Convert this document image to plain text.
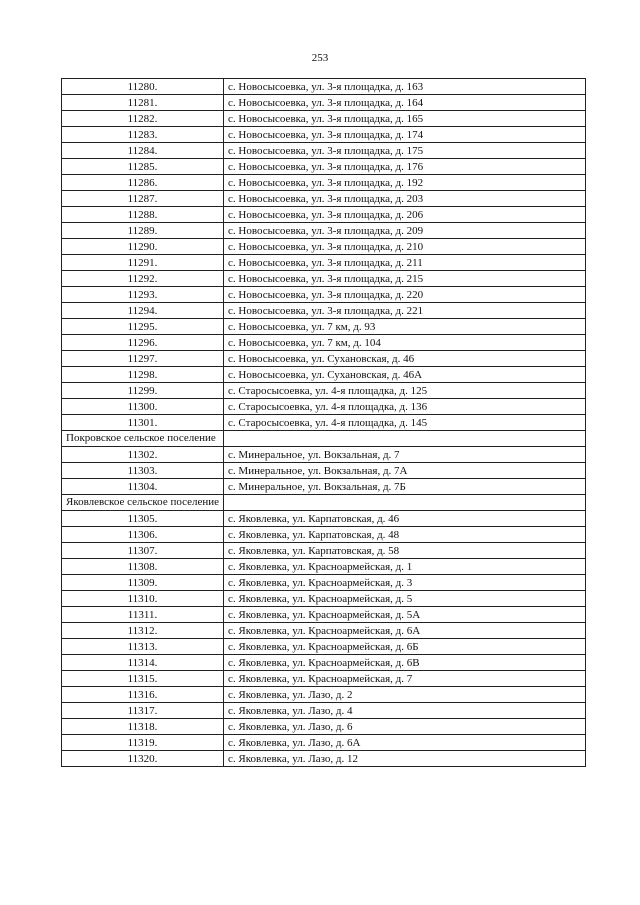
253
11280.	с. Новосысоевка, ул. 3-я площадка, д. 163
11281.	с. Новосысоевка, ул. 3-я площадка, д. 164
11282.	с. Новосысоевка, ул. 3-я площадка, д. 165
11283.	с. Новосысоевка, ул. 3-я площадка, д. 174
11284.	с. Новосысоевка, ул. 3-я площадка, д. 175
11285.	с. Новосысоевка, ул. 3-я площадка, д. 176
11286.	с. Новосысоевка, ул. 3-я площадка, д. 192
11287.	с. Новосысоевка, ул. 3-я площадка, д. 203
11288.	с. Новосысоевка, ул. 3-я площадка, д. 206
11289.	с. Новосысоевка, ул. 3-я площадка, д. 209
11290.	с. Новосысоевка, ул. 3-я площадка, д. 210
11291.	с. Новосысоевка, ул. 3-я площадка, д. 211
11292.	с. Новосысоевка, ул. 3-я площадка, д. 215
11293.	с. Новосысоевка, ул. 3-я площадка, д. 220
11294.	с. Новосысоевка, ул. 3-я площадка, д. 221
11295.	с. Новосысоевка, ул. 7 км, д. 93
11296.	с. Новосысоевка, ул. 7 км, д. 104
11297.	с. Новосысоевка, ул. Сухановская, д. 46
11298.	с. Новосысоевка, ул. Сухановская, д. 46А
11299.	с. Старосысоевка, ул. 4-я площадка, д. 125
11300.	с. Старосысоевка, ул. 4-я площадка, д. 136
11301.	с. Старосысоевка, ул. 4-я площадка, д. 145
Покровское сельское поселение	
11302.	с. Минеральное, ул. Вокзальная, д. 7
11303.	с. Минеральное, ул. Вокзальная, д. 7А
11304.	с. Минеральное, ул. Вокзальная, д. 7Б
Яковлевское сельское поселение	
11305.	с. Яковлевка, ул. Карпатовская, д. 46
11306.	с. Яковлевка, ул. Карпатовская, д. 48
11307.	с. Яковлевка, ул. Карпатовская, д. 58
11308.	с. Яковлевка, ул. Красноармейская, д. 1
11309.	с. Яковлевка, ул. Красноармейская, д. 3
11310.	с. Яковлевка, ул. Красноармейская, д. 5
11311.	с. Яковлевка, ул. Красноармейская, д. 5А
11312.	с. Яковлевка, ул. Красноармейская, д. 6А
11313.	с. Яковлевка, ул. Красноармейская, д. 6Б
11314.	с. Яковлевка, ул. Красноармейская, д. 6В
11315.	с. Яковлевка, ул. Красноармейская, д. 7
11316.	с. Яковлевка, ул. Лазо, д. 2
11317.	с. Яковлевка, ул. Лазо, д. 4
11318.	с. Яковлевка, ул. Лазо, д. 6
11319.	с. Яковлевка, ул. Лазо, д. 6А
11320.	с. Яковлевка, ул. Лазо, д. 12
